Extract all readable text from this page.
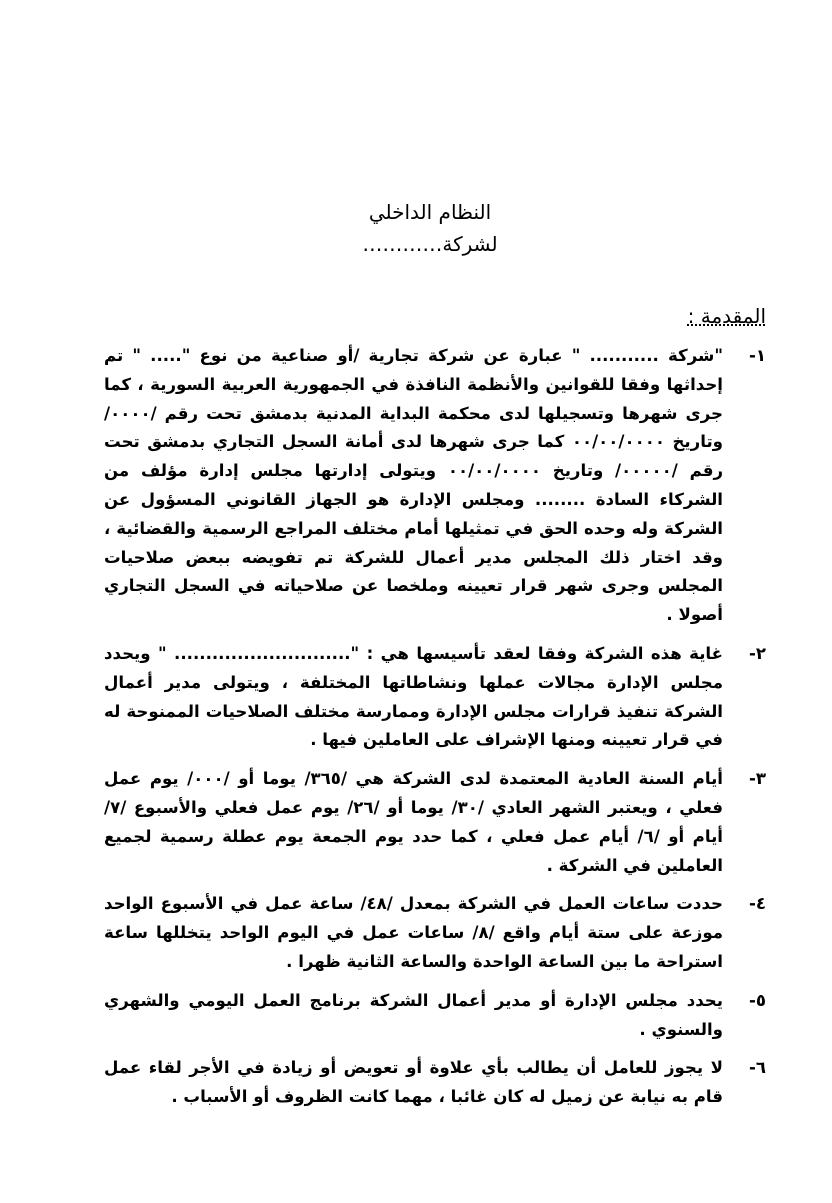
النظام الداخلي
لشركة…………
المقدمة :
١-
"شركة ........... " عبارة عن شركة تجارية /أو صناعية من نوع "..... " تم إحداثها وفقا للقوانين والأنظمة النافذة في الجمهورية العربية السورية ، كما جرى شهرها وتسجيلها لدى محكمة البداية المدنية بدمشق تحت رقم /٠٠٠٠/ وتاريخ ٠٠/٠٠/٠٠٠٠ كما جرى شهرها لدى أمانة السجل التجاري بدمشق تحت رقم /٠٠٠٠٠/ وتاريخ ٠٠/٠٠/٠٠٠٠ ويتولى إدارتها مجلس إدارة مؤلف من الشركاء السادة ........ ومجلس الإدارة هو الجهاز القانوني المسؤول عن الشركة وله وحده الحق في تمثيلها أمام مختلف المراجع الرسمية والقضائية ، وقد اختار ذلك المجلس مدير أعمال للشركة تم تفويضه ببعض صلاحيات المجلس وجرى شهر قرار تعيينه وملخصا عن صلاحياته في السجل التجاري أصولا .
٢-
غاية هذه الشركة وفقا لعقد تأسيسها هي : "............................ " ويحدد مجلس الإدارة مجالات عملها ونشاطاتها المختلفة ، ويتولى مدير أعمال الشركة تنفيذ قرارات مجلس الإدارة وممارسة مختلف الصلاحيات الممنوحة له في قرار تعيينه ومنها الإشراف على العاملين فيها .
٣-
أيام السنة العادية المعتمدة لدى الشركة هي /٣٦٥/ يوما أو /٠٠٠/ يوم عمل فعلي ، ويعتبر الشهر العادي /٣٠/ يوما أو /٢٦/ يوم عمل فعلي والأسبوع /٧/ أيام أو /٦/ أيام عمل فعلي ، كما حدد يوم الجمعة يوم عطلة رسمية لجميع العاملين في الشركة .
٤-
حددت ساعات العمل في الشركة بمعدل /٤٨/ ساعة عمل في الأسبوع الواحد موزعة على ستة أيام واقع /٨/ ساعات عمل في اليوم الواحد يتخللها ساعة استراحة ما بين الساعة الواحدة والساعة الثانية ظهرا .
٥-
يحدد مجلس الإدارة أو مدير أعمال الشركة برنامج العمل اليومي والشهري والسنوي .
٦-
لا يجوز للعامل أن يطالب بأي علاوة أو تعويض أو زيادة في الأجر لقاء عمل قام به نيابة عن زميل له كان غائبا ، مهما كانت الظروف أو الأسباب .
